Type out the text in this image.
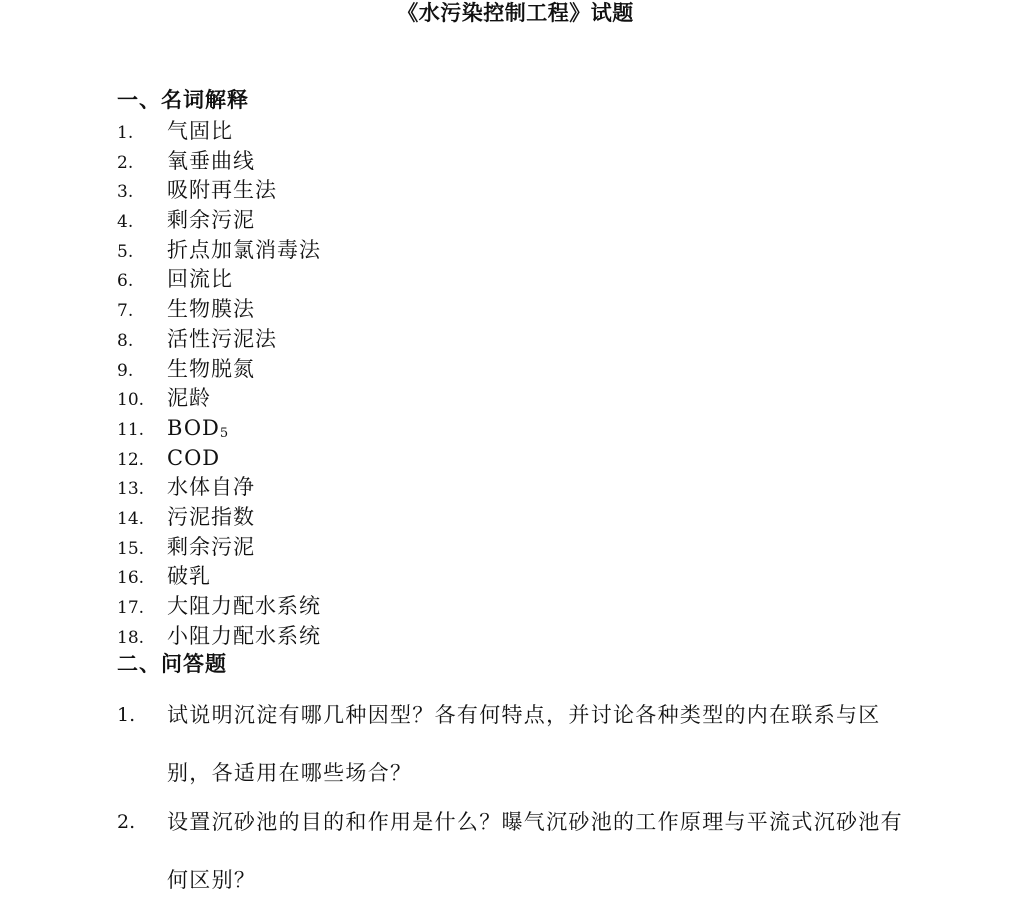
《水污染控制工程》试题
一、名词解释
1. 气固比
2. 氧垂曲线
3. 吸附再生法
4. 剩余污泥
5. 折点加氯消毒法
6. 回流比
7. 生物膜法
8. 活性污泥法
9. 生物脱氮
10. 泥龄
11. $BOD_5$
12. COD
13. 水体自净
14. 污泥指数
15. 剩余污泥
16. 破乳
17. 大阻力配水系统
18. 小阻力配水系统
二、问答题
1. 试说明沉淀有哪几种因型？各有何特点，并讨论各种类型的内在联系与区别，各适用在哪些场合？
2. 设置沉砂池的目的和作用是什么？曝气沉砂池的工作原理与平流式沉砂池有何区别？
